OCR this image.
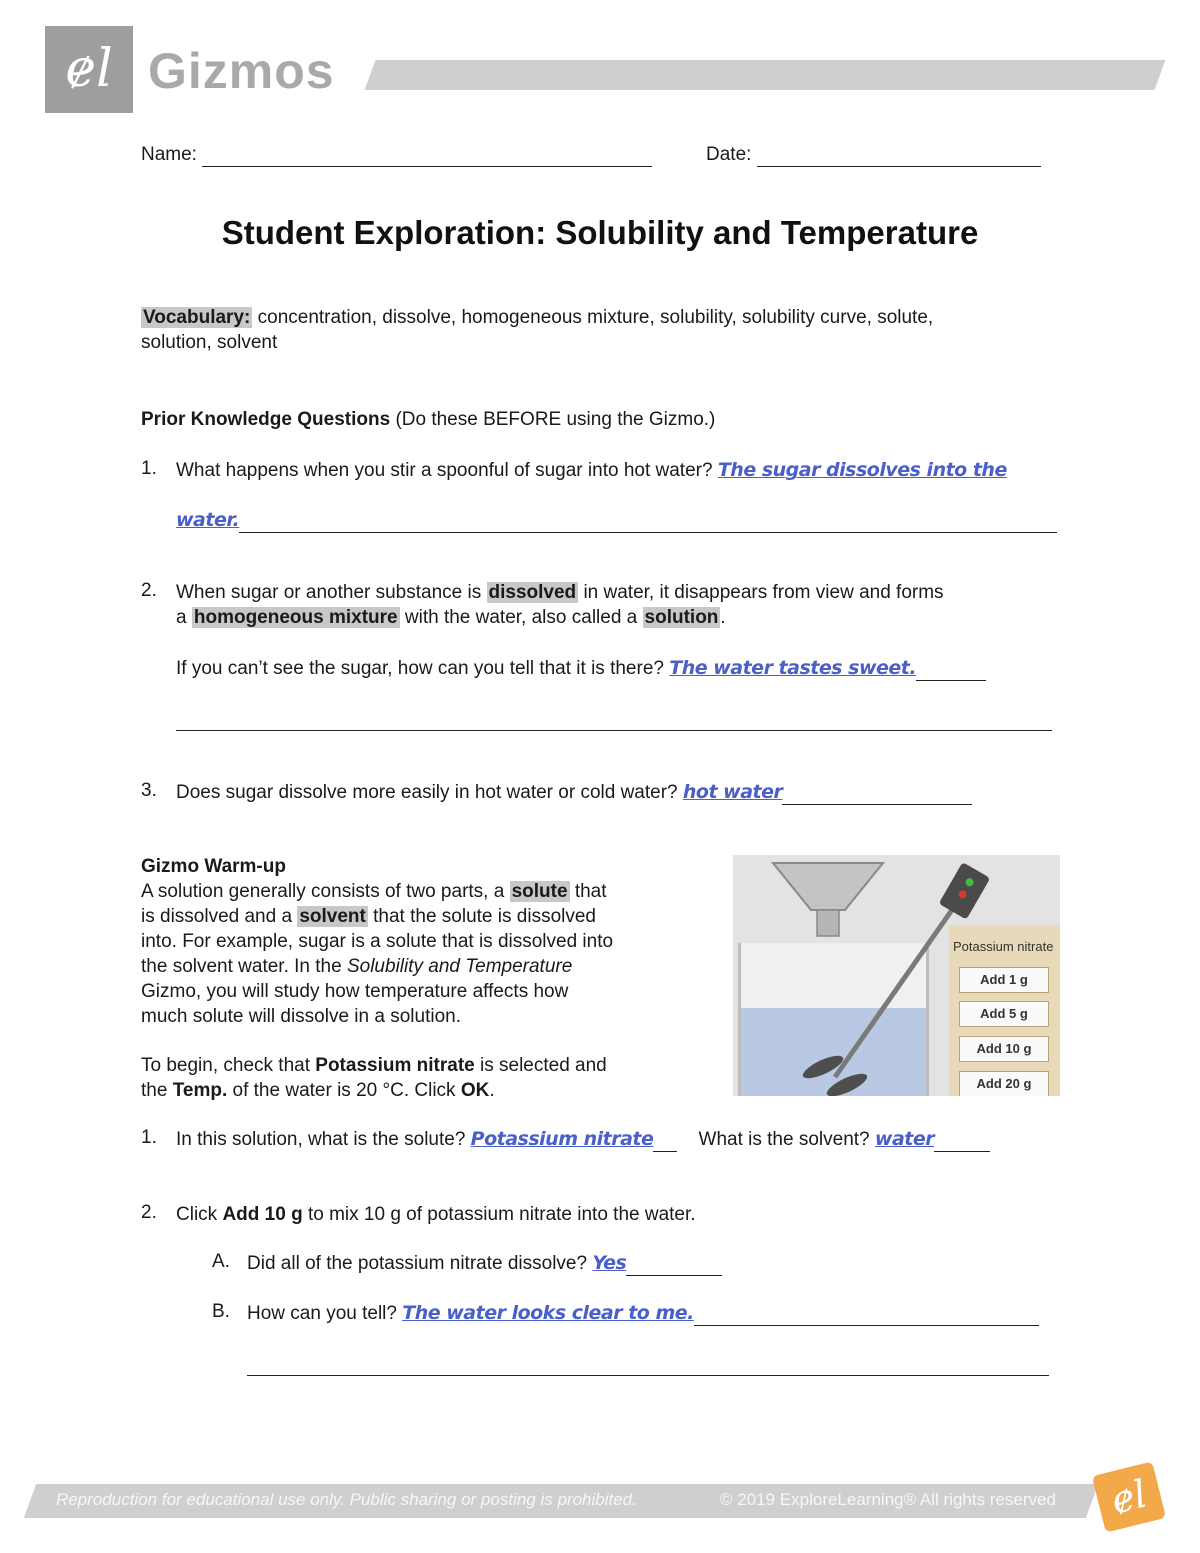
ɇl Gizmos
Name:	Date:
Student Exploration: Solubility and Temperature
Vocabulary: concentration, dissolve, homogeneous mixture, solubility, solubility curve, solute,
solution, solvent
Prior Knowledge Questions (Do these BEFORE using the Gizmo.)
1. What happens when you stir a spoonful of sugar into hot water? The sugar dissolves into the
water.
2. When sugar or another substance is dissolved in water, it disappears from view and forms
a homogeneous mixture with the water, also called a solution .
If you can’t see the sugar, how can you tell that it is there? The water tastes sweet.
3. Does sugar dissolve more easily in hot water or cold water? hot water
Gizmo Warm-up
A solution generally consists of two parts, a solute that
is dissolved and a solvent that the solute is dissolved
into. For example, sugar is a solute that is dissolved into
the solvent water. In the Solubility and Temperature
Gizmo, you will study how temperature affects how
much solute will dissolve in a solution.

To begin, check that Potassium nitrate is selected and
the Temp. of the water is 20 °C. Click OK.
Potassium nitrate
Add 1 g
Add 5 g
Add 10 g
Add 20 g
1. In this solution, what is the solute? Potassium nitrate What is the solvent? water
2. Click Add 10 g to mix 10 g of potassium nitrate into the water.
A. Did all of the potassium nitrate dissolve? Yes
B. How can you tell? The water looks clear to me.
Reproduction for educational use only. Public sharing or posting is prohibited.	© 2019 ExploreLearning® All rights reserved	ɇl
